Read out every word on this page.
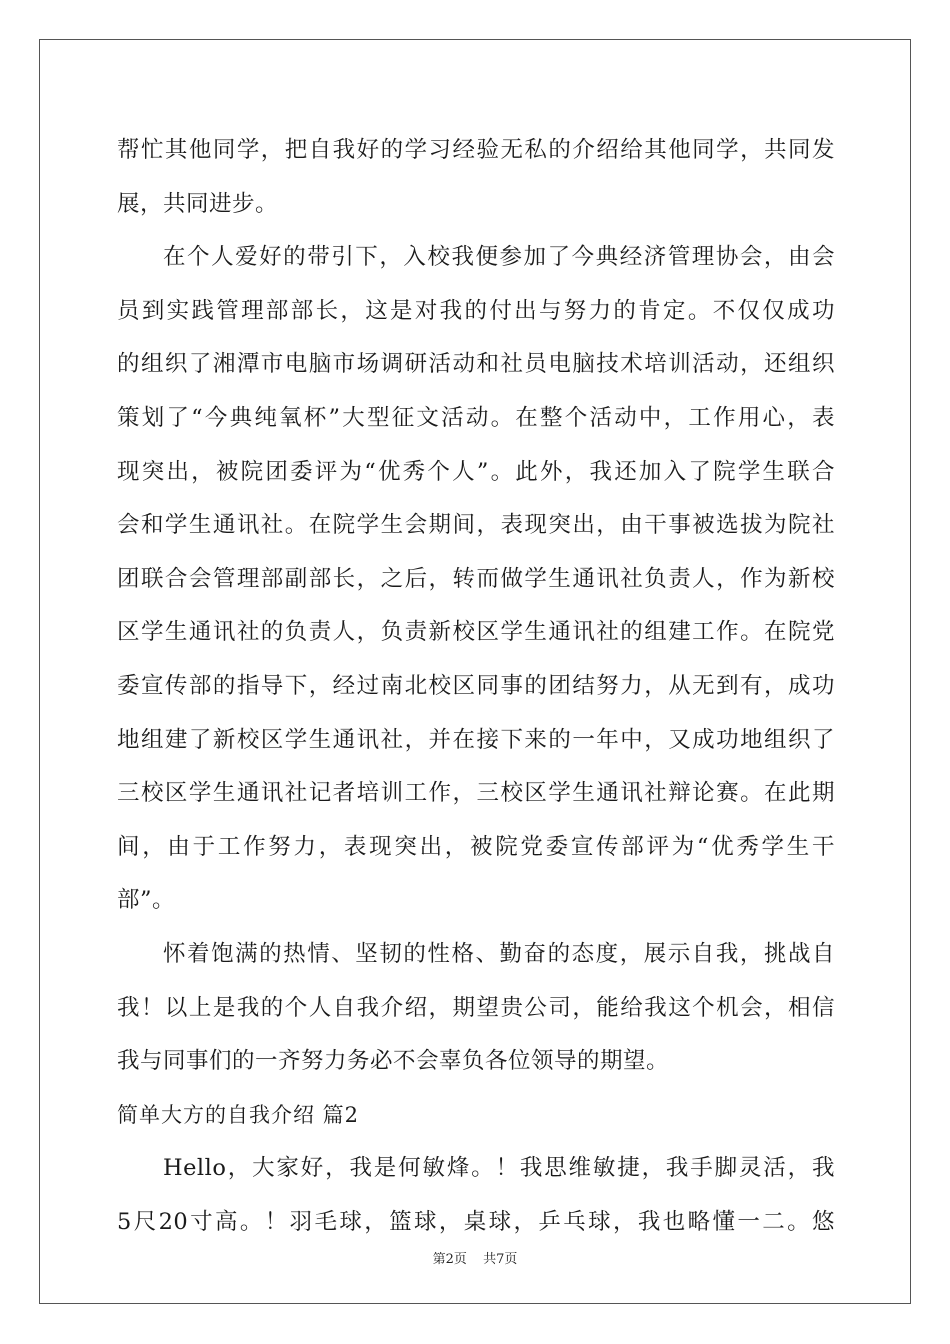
帮忙其他同学，把自我好的学习经验无私的介绍给其他同学，共同发
展，共同进步。
在个人爱好的带引下，入校我便参加了今典经济管理协会，由会
员到实践管理部部长，这是对我的付出与努力的肯定。不仅仅成功
的组织了湘潭市电脑市场调研活动和社员电脑技术培训活动，还组织
策划了“今典纯氧杯”大型征文活动。在整个活动中，工作用心，表
现突出，被院团委评为“优秀个人”。此外，我还加入了院学生联合
会和学生通讯社。在院学生会期间，表现突出，由干事被选拔为院社
团联合会管理部副部长，之后，转而做学生通讯社负责人，作为新校
区学生通讯社的负责人，负责新校区学生通讯社的组建工作。在院党
委宣传部的指导下，经过南北校区同事的团结努力，从无到有，成功
地组建了新校区学生通讯社，并在接下来的一年中，又成功地组织了
三校区学生通讯社记者培训工作，三校区学生通讯社辩论赛。在此期
间，由于工作努力，表现突出，被院党委宣传部评为“优秀学生干
部”。
怀着饱满的热情、坚韧的性格、勤奋的态度，展示自我，挑战自
我！以上是我的个人自我介绍，期望贵公司，能给我这个机会，相信
我与同事们的一齐努力务必不会辜负各位领导的期望。
简单大方的自我介绍 篇2
Hello，大家好，我是何敏烽。！我思维敏捷，我手脚灵活，我
5尺20寸高。！羽毛球，篮球，桌球，乒乓球，我也略懂一二。悠
第2页 共7页
